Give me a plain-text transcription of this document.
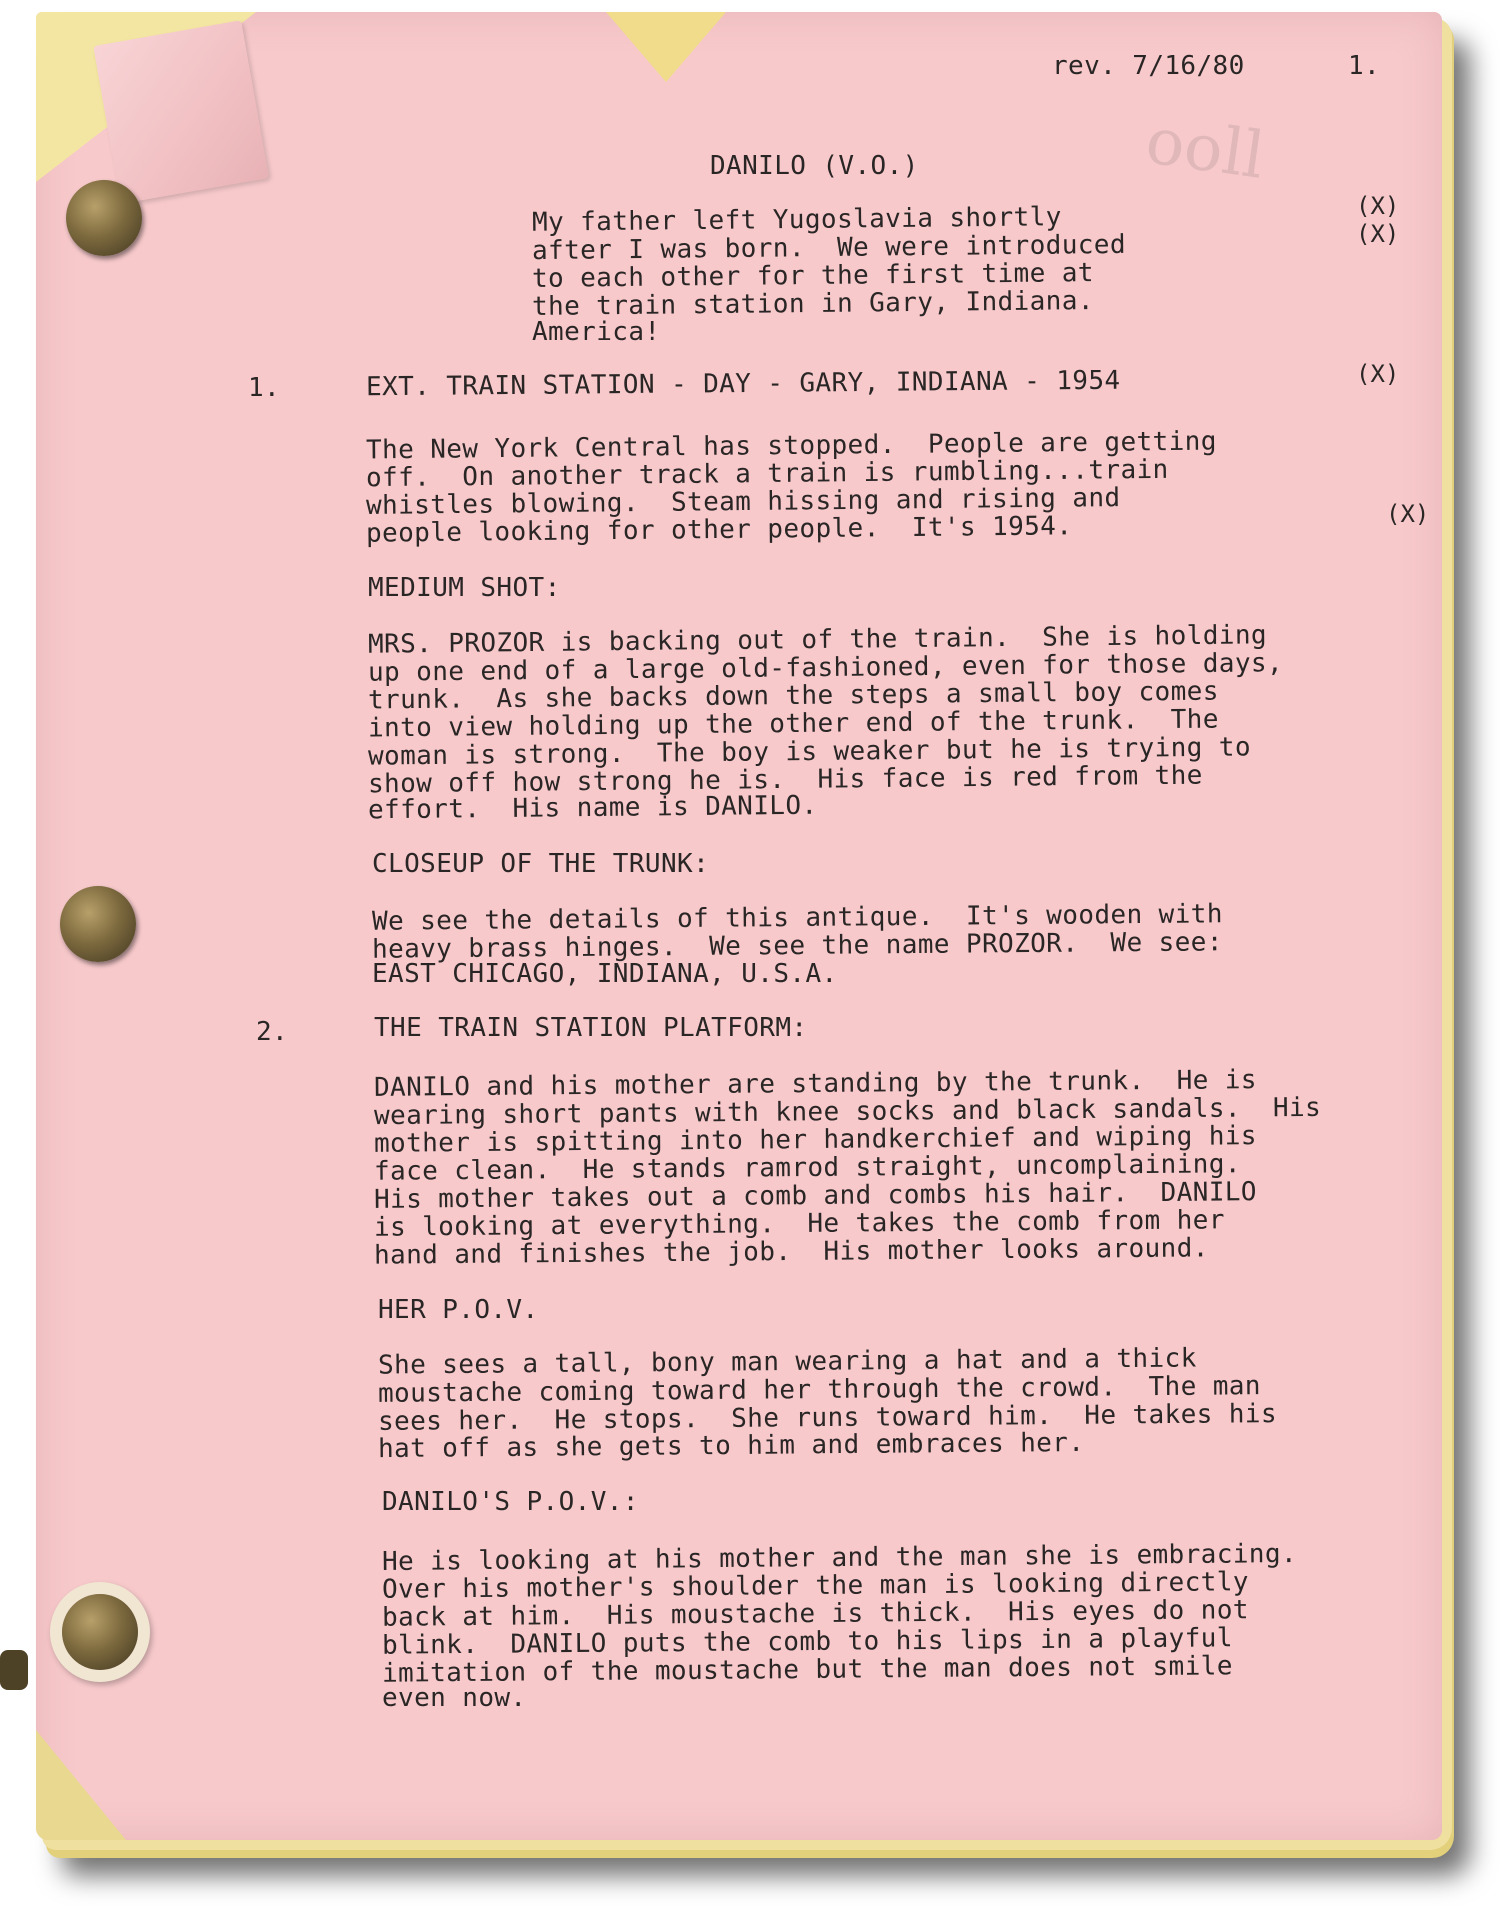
ooll
rev. 7/16/80	1.
DANILO (V.O.)
My father left Yugoslavia shortly
after I was born.  We were introduced
to each other for the first time at
the train station in Gary, Indiana.
America!
(X)
(X)
1.	EXT. TRAIN STATION - DAY - GARY, INDIANA - 1954	(X)
The New York Central has stopped.  People are getting
off.  On another track a train is rumbling...train
whistles blowing.  Steam hissing and rising and
people looking for other people.  It's 1954.	(X)
MEDIUM SHOT:
MRS. PROZOR is backing out of the train.  She is holding
up one end of a large old-fashioned, even for those days,
trunk.  As she backs down the steps a small boy comes
into view holding up the other end of the trunk.  The
woman is strong.  The boy is weaker but he is trying to
show off how strong he is.  His face is red from the
effort.  His name is DANILO.
CLOSEUP OF THE TRUNK:
We see the details of this antique.  It's wooden with
heavy brass hinges.  We see the name PROZOR.  We see:
EAST CHICAGO, INDIANA, U.S.A.
2.	THE TRAIN STATION PLATFORM:
DANILO and his mother are standing by the trunk.  He is
wearing short pants with knee socks and black sandals.  His
mother is spitting into her handkerchief and wiping his
face clean.  He stands ramrod straight, uncomplaining.
His mother takes out a comb and combs his hair.  DANILO
is looking at everything.  He takes the comb from her
hand and finishes the job.  His mother looks around.
HER P.O.V.
She sees a tall, bony man wearing a hat and a thick
moustache coming toward her through the crowd.  The man
sees her.  He stops.  She runs toward him.  He takes his
hat off as she gets to him and embraces her.
DANILO'S P.O.V.:
He is looking at his mother and the man she is embracing.
Over his mother's shoulder the man is looking directly
back at him.  His moustache is thick.  His eyes do not
blink.  DANILO puts the comb to his lips in a playful
imitation of the moustache but the man does not smile
even now.
